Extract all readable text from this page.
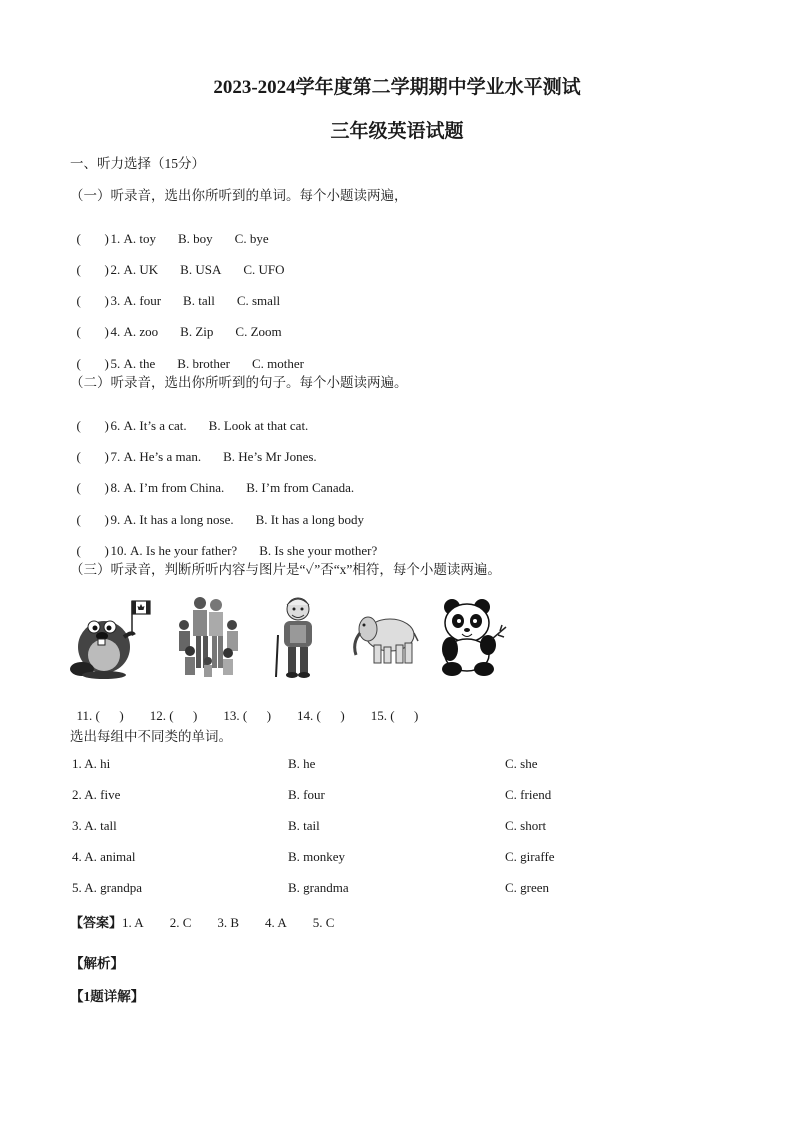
2023-2024学年度第二学期期中学业水平测试
三年级英语试题
一、听力选择（15分）
（一）听录音，选出你所听到的单词。每个小题读两遍，

( ) 1. A. toy B. boy C. bye

( ) 2. A. UK B. USA C. UFO

( ) 3. A. four B. tall C. small

( ) 4. A. zoo B. Zip C. Zoom

( ) 5. A. the B. brother C. mother

（二）听录音，选出你所听到的句子。每个小题读两遍。

( ) 6. A. It’s a cat. B. Look at that cat.

( ) 7. A. He’s a man. B. He’s Mr Jones.

( ) 8. A. I’m from China. B. I’m from Canada.

( ) 9. A. It has a long nose. B. It has a long body

( ) 10. A. Is he your father? B. Is she your mother?

（三）听录音，判断所听内容与图片是“✓”否“x”相符，每个小题读两遍。

11. (      ) 12. (      ) 13. (      ) 14. (      ) 15. (      )

选出每组中不同类的单词。
1. A. hi	B. he	C. she
2. A. five	B. four	C. friend
3. A. tall	B. tail	C. short
4. A. animal	B. monkey	C. giraffe
5. A. grandpa	B. grandma	C. green
【答案】1. A 2. C 3. B 4. A 5. C
【解析】
【1题详解】
